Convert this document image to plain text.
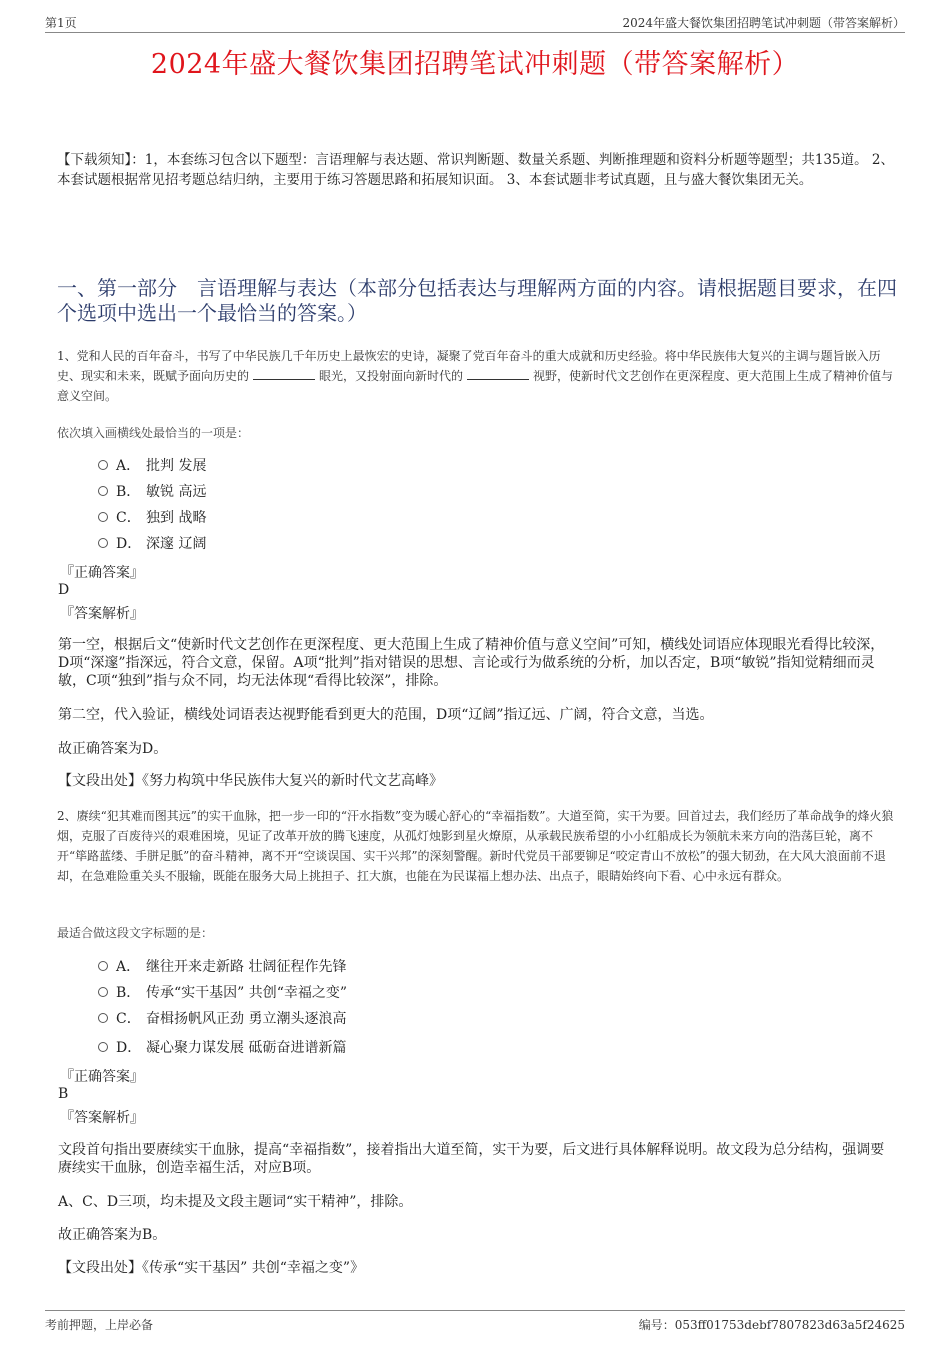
第1页	2024年盛大餐饮集团招聘笔试冲刺题（带答案解析）
2024年盛大餐饮集团招聘笔试冲刺题（带答案解析）
【下载须知】：1，本套练习包含以下题型：言语理解与表达题、常识判断题、数量关系题、判断推理题和资料分析题等题型；共135道。 2、本套试题根据常见招考题总结归纳，主要用于练习答题思路和拓展知识面。 3、本套试题非考试真题，且与盛大餐饮集团无关。
一、第一部分　言语理解与表达（本部分包括表达与理解两方面的内容。请根据题目要求，在四个选项中选出一个最恰当的答案。）
1、党和人民的百年奋斗，书写了中华民族几千年历史上最恢宏的史诗，凝聚了党百年奋斗的重大成就和历史经验。将中华民族伟大复兴的主调与题旨嵌入历史、现实和未来，既赋予面向历史的	眼光，又投射面向新时代的	视野，使新时代文艺创作在更深程度、更大范围上生成了精神价值与意义空间。
依次填入画横线处最恰当的一项是：
A． 批判 发展
B． 敏锐 高远
C． 独到 战略
D． 深邃 辽阔
『正确答案』
D
『答案解析』
第一空，根据后文“使新时代文艺创作在更深程度、更大范围上生成了精神价值与意义空间”可知，横线处词语应体现眼光看得比较深，D项“深邃”指深远，符合文意，保留。A项“批判”指对错误的思想、言论或行为做系统的分析，加以否定，B项“敏锐”指知觉精细而灵敏，C项“独到”指与众不同，均无法体现“看得比较深”，排除。
第二空，代入验证，横线处词语表达视野能看到更大的范围，D项“辽阔”指辽远、广阔，符合文意，当选。
故正确答案为D。
【文段出处】《努力构筑中华民族伟大复兴的新时代文艺高峰》
2、赓续“犯其难而图其远”的实干血脉，把一步一印的“汗水指数”变为暖心舒心的“幸福指数”。大道至简，实干为要。回首过去，我们经历了革命战争的烽火狼烟，克服了百废待兴的艰难困境，见证了改革开放的腾飞速度，从孤灯烛影到星火燎原，从承载民族希望的小小红船成长为领航未来方向的浩荡巨轮，离不开“筚路蓝缕、手胼足胝”的奋斗精神，离不开“空谈误国、实干兴邦”的深刻警醒。新时代党员干部要铆足“咬定青山不放松”的强大韧劲，在大风大浪面前不退却，在急难险重关头不服输，既能在服务大局上挑担子、扛大旗，也能在为民谋福上想办法、出点子，眼睛始终向下看、心中永远有群众。
最适合做这段文字标题的是：
A． 继往开来走新路 壮阔征程作先锋
B． 传承“实干基因” 共创“幸福之变”
C． 奋楫扬帆风正劲 勇立潮头逐浪高
D． 凝心聚力谋发展 砥砺奋进谱新篇
『正确答案』
B
『答案解析』
文段首句指出要赓续实干血脉，提高“幸福指数”，接着指出大道至简，实干为要，后文进行具体解释说明。故文段为总分结构，强调要赓续实干血脉，创造幸福生活，对应B项。
A、C、D三项，均未提及文段主题词“实干精神”，排除。
故正确答案为B。
【文段出处】《传承“实干基因” 共创“幸福之变”》
考前押题，上岸必备	编号：053ff01753debf7807823d63a5f24625
